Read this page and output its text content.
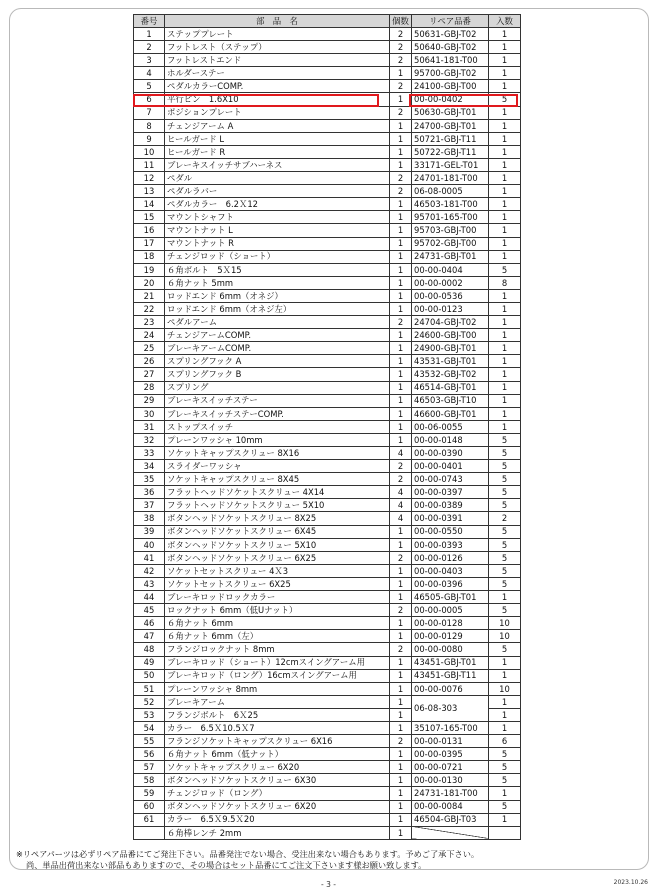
番号	部　品　名	個数	リペア品番	入数
1	ステッププレート	2	50631-GBJ-T02	1
2	フットレスト（ステップ）	2	50640-GBJ-T02	1
3	フットレストエンド	2	50641-181-T00	1
4	ホルダーステー	1	95700-GBJ-T02	1
5	ペダルカラーCOMP.	2	24100-GBJ-T00	1
6	平行ピン　1.6X10	1	00-00-0402	5
7	ポジションプレート	2	50630-GBJ-T01	1
8	チェンジアーム A	1	24700-GBJ-T01	1
9	ヒールガード L	1	50721-GBJ-T11	1
10	ヒールガード R	1	50722-GBJ-T11	1
11	ブレーキスイッチサブハーネス	1	33171-GEL-T01	1
12	ペダル	2	24701-181-T00	1
13	ペダルラバー	2	06-08-0005	1
14	ペダルカラー　6.2Ｘ12	1	46503-181-T00	1
15	マウントシャフト	1	95701-165-T00	1
16	マウントナット L	1	95703-GBJ-T00	1
17	マウントナット R	1	95702-GBJ-T00	1
18	チェンジロッド（ショート）	1	24731-GBJ-T01	1
19	６角ボルト　5Ｘ15	1	00-00-0404	5
20	６角ナット 5mm	1	00-00-0002	8
21	ロッドエンド 6mm（オネジ）	1	00-00-0536	1
22	ロッドエンド 6mm（オネジ左）	1	00-00-0123	1
23	ペダルアーム	2	24704-GBJ-T02	1
24	チェンジアームCOMP.	1	24600-GBJ-T00	1
25	ブレーキアームCOMP.	1	24900-GBJ-T01	1
26	スプリングフック A	1	43531-GBJ-T01	1
27	スプリングフック B	1	43532-GBJ-T02	1
28	スプリング	1	46514-GBJ-T01	1
29	ブレーキスイッチステー	1	46503-GBJ-T10	1
30	ブレーキスイッチステーCOMP.	1	46600-GBJ-T01	1
31	ストップスイッチ	1	00-06-0055	1
32	プレーンワッシャ 10mm	1	00-00-0148	5
33	ソケットキャップスクリュー 8X16	4	00-00-0390	5
34	スライダーワッシャ	2	00-00-0401	5
35	ソケットキャップスクリュー 8X45	2	00-00-0743	5
36	フラットヘッドソケットスクリュー 4X14	4	00-00-0397	5
37	フラットヘッドソケットスクリュー 5X10	4	00-00-0389	5
38	ボタンヘッドソケットスクリュー 8X25	4	00-00-0391	2
39	ボタンヘッドソケットスクリュー 6X45	1	00-00-0550	5
40	ボタンヘッドソケットスクリュー 5X10	1	00-00-0393	5
41	ボタンヘッドソケットスクリュー 6X25	2	00-00-0126	5
42	ソケットセットスクリュー 4Ｘ3	1	00-00-0403	5
43	ソケットセットスクリュー 6X25	1	00-00-0396	5
44	ブレーキロッドロックカラー	1	46505-GBJ-T01	1
45	ロックナット 6mm（低Uナット）	2	00-00-0005	5
46	６角ナット 6mm	1	00-00-0128	10
47	６角ナット 6mm（左）	1	00-00-0129	10
48	フランジロックナット 8mm	2	00-00-0080	5
49	ブレーキロッド（ショート）12cmスイングアーム用	1	43451-GBJ-T01	1
50	ブレーキロッド（ロング）16cmスイングアーム用	1	43451-GBJ-T11	1
51	プレーンワッシャ 8mm	1	00-00-0076	10
52	ブレーキアーム	1	06-08-303	1
53	フランジボルト　6Ｘ25	1		1
54	カラー　6.5Ｘ10.5Ｘ7	1	35107-165-T00	1
55	フランジソケットキャップスクリュー 6X16	2	00-00-0131	6
56	６角ナット 6mm（低ナット）	1	00-00-0395	5
57	ソケットキャップスクリュー 6X20	1	00-00-0721	5
58	ボタンヘッドソケットスクリュー 6X30	1	00-00-0130	5
59	チェンジロッド（ロング）	1	24731-181-T00	1
60	ボタンヘッドソケットスクリュー 6X20	1	00-00-0084	5
61	カラー　6.5Ｘ9.5Ｘ20	1	46504-GBJ-T03	1
	６角棒レンチ 2mm	1		
※リペアパーツは必ずリペア品番にてご発注下さい。品番発注でない場合、受注出来ない場合もあります。予めご了承下さい。
尚、単品出荷出来ない部品もありますので、その場合はセット品番にてご注文下さいます様お願い致します。
- 3 -	2023.10.26
